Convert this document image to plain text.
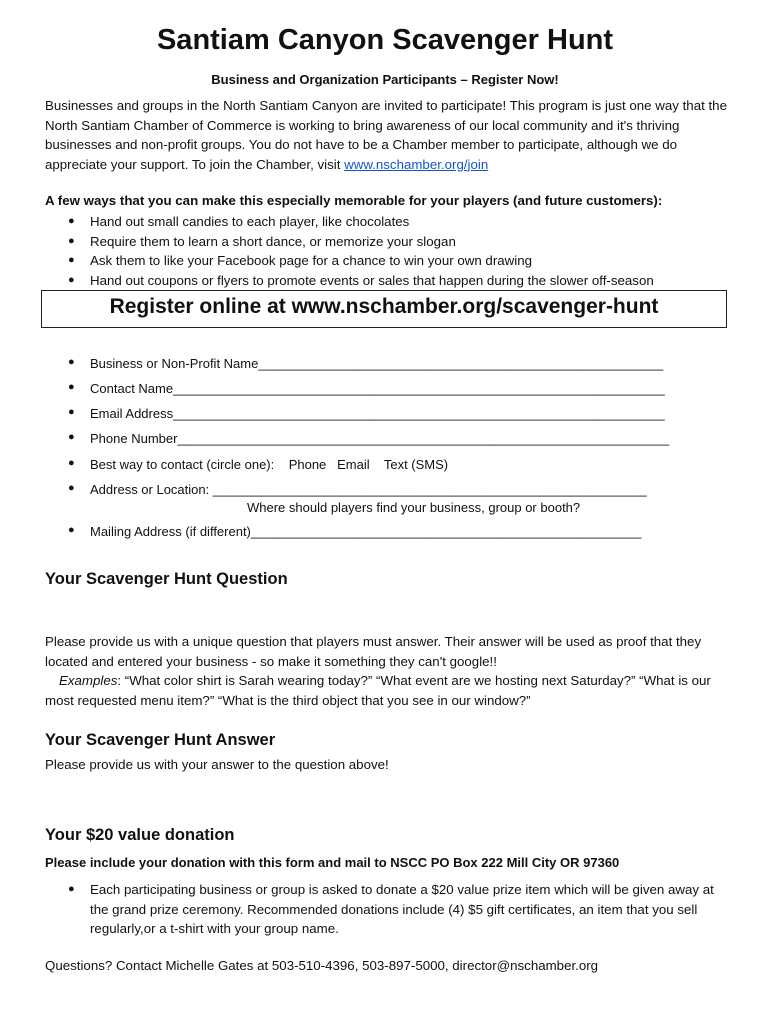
Santiam Canyon Scavenger Hunt
Business and Organization Participants – Register Now!
Businesses and groups in the North Santiam Canyon are invited to participate! This program is just one way that the North Santiam Chamber of Commerce is working to bring awareness of our local community and it's thriving businesses and non-profit groups. You do not have to be a Chamber member to participate, although we do appreciate your support. To join the Chamber, visit www.nschamber.org/join
A few ways that you can make this especially memorable for your players (and future customers):
● Hand out small candies to each player, like chocolates
● Require them to learn a short dance, or memorize your slogan
● Ask them to like your Facebook page for a chance to win your own drawing
● Hand out coupons or flyers to promote events or sales that happen during the slower off-season
Register online at www.nschamber.org/scavenger-hunt
● Business or Non-Profit Name________________________________________________________
● Contact Name____________________________________________________________________
● Email Address____________________________________________________________________
● Phone Number____________________________________________________________________
● Best way to contact (circle one):    Phone   Email    Text (SMS)
● Address or Location: ____________________________________________________________
Where should players find your business, group or booth?
● Mailing Address (if different)______________________________________________________
Your Scavenger Hunt Question
Please provide us with a unique question that players must answer. Their answer will be used as proof that they located and entered your business - so make it something they can't google!!
Examples: “What color shirt is Sarah wearing today?” “What event are we hosting next Saturday?” “What is our most requested menu item?” “What is the third object that you see in our window?”
Your Scavenger Hunt Answer
Please provide us with your answer to the question above!
Your $20 value donation
Please include your donation with this form and mail to NSCC PO Box 222 Mill City OR 97360
● Each participating business or group is asked to donate a $20 value prize item which will be given away at the grand prize ceremony. Recommended donations include (4) $5 gift certificates, an item that you sell regularly,or a t-shirt with your group name.
Questions? Contact Michelle Gates at 503-510-4396, 503-897-5000, director@nschamber.org
